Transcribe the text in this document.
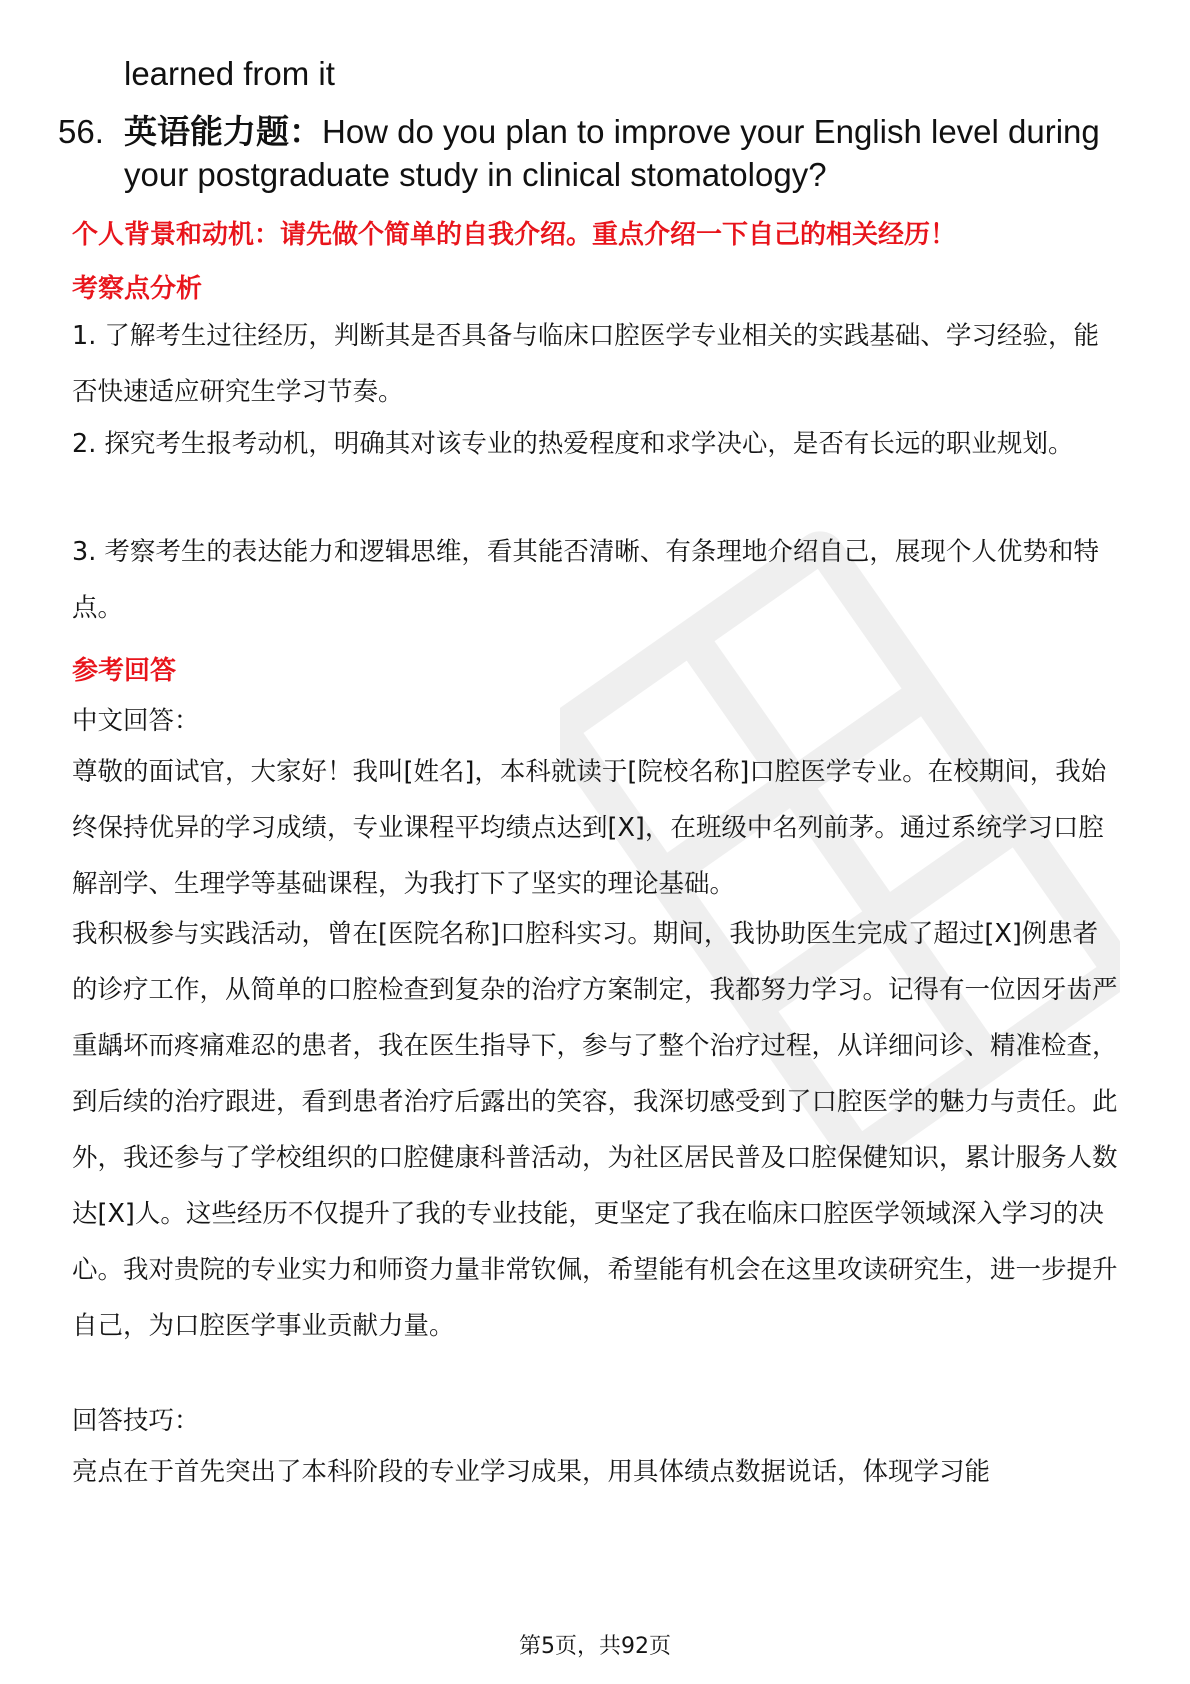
learned from it
56. 英语能力题：How do you plan to improve your English level during your postgraduate study in clinical stomatology?
个人背景和动机：请先做个简单的自我介绍。重点介绍一下自己的相关经历！
考察点分析
1. 了解考生过往经历，判断其是否具备与临床口腔医学专业相关的实践基础、学习经验，能否快速适应研究生学习节奏。
2. 探究考生报考动机，明确其对该专业的热爱程度和求学决心，是否有长远的职业规划。
3. 考察考生的表达能力和逻辑思维，看其能否清晰、有条理地介绍自己，展现个人优势和特点。
参考回答
中文回答：
尊敬的面试官，大家好！我叫[姓名]，本科就读于[院校名称]口腔医学专业。在校期间，我始终保持优异的学习成绩，专业课程平均绩点达到[X]，在班级中名列前茅。通过系统学习口腔解剖学、生理学等基础课程，为我打下了坚实的理论基础。
我积极参与实践活动，曾在[医院名称]口腔科实习。期间，我协助医生完成了超过[X]例患者的诊疗工作，从简单的口腔检查到复杂的治疗方案制定，我都努力学习。记得有一位因牙齿严重龋坏而疼痛难忍的患者，我在医生指导下，参与了整个治疗过程，从详细问诊、精准检查，到后续的治疗跟进，看到患者治疗后露出的笑容，我深切感受到了口腔医学的魅力与责任。此外，我还参与了学校组织的口腔健康科普活动，为社区居民普及口腔保健知识，累计服务人数达[X]人。这些经历不仅提升了我的专业技能，更坚定了我在临床口腔医学领域深入学习的决心。我对贵院的专业实力和师资力量非常钦佩，希望能有机会在这里攻读研究生，进一步提升自己，为口腔医学事业贡献力量。
回答技巧：
亮点在于首先突出了本科阶段的专业学习成果，用具体绩点数据说话，体现学习能
第5页，共92页
